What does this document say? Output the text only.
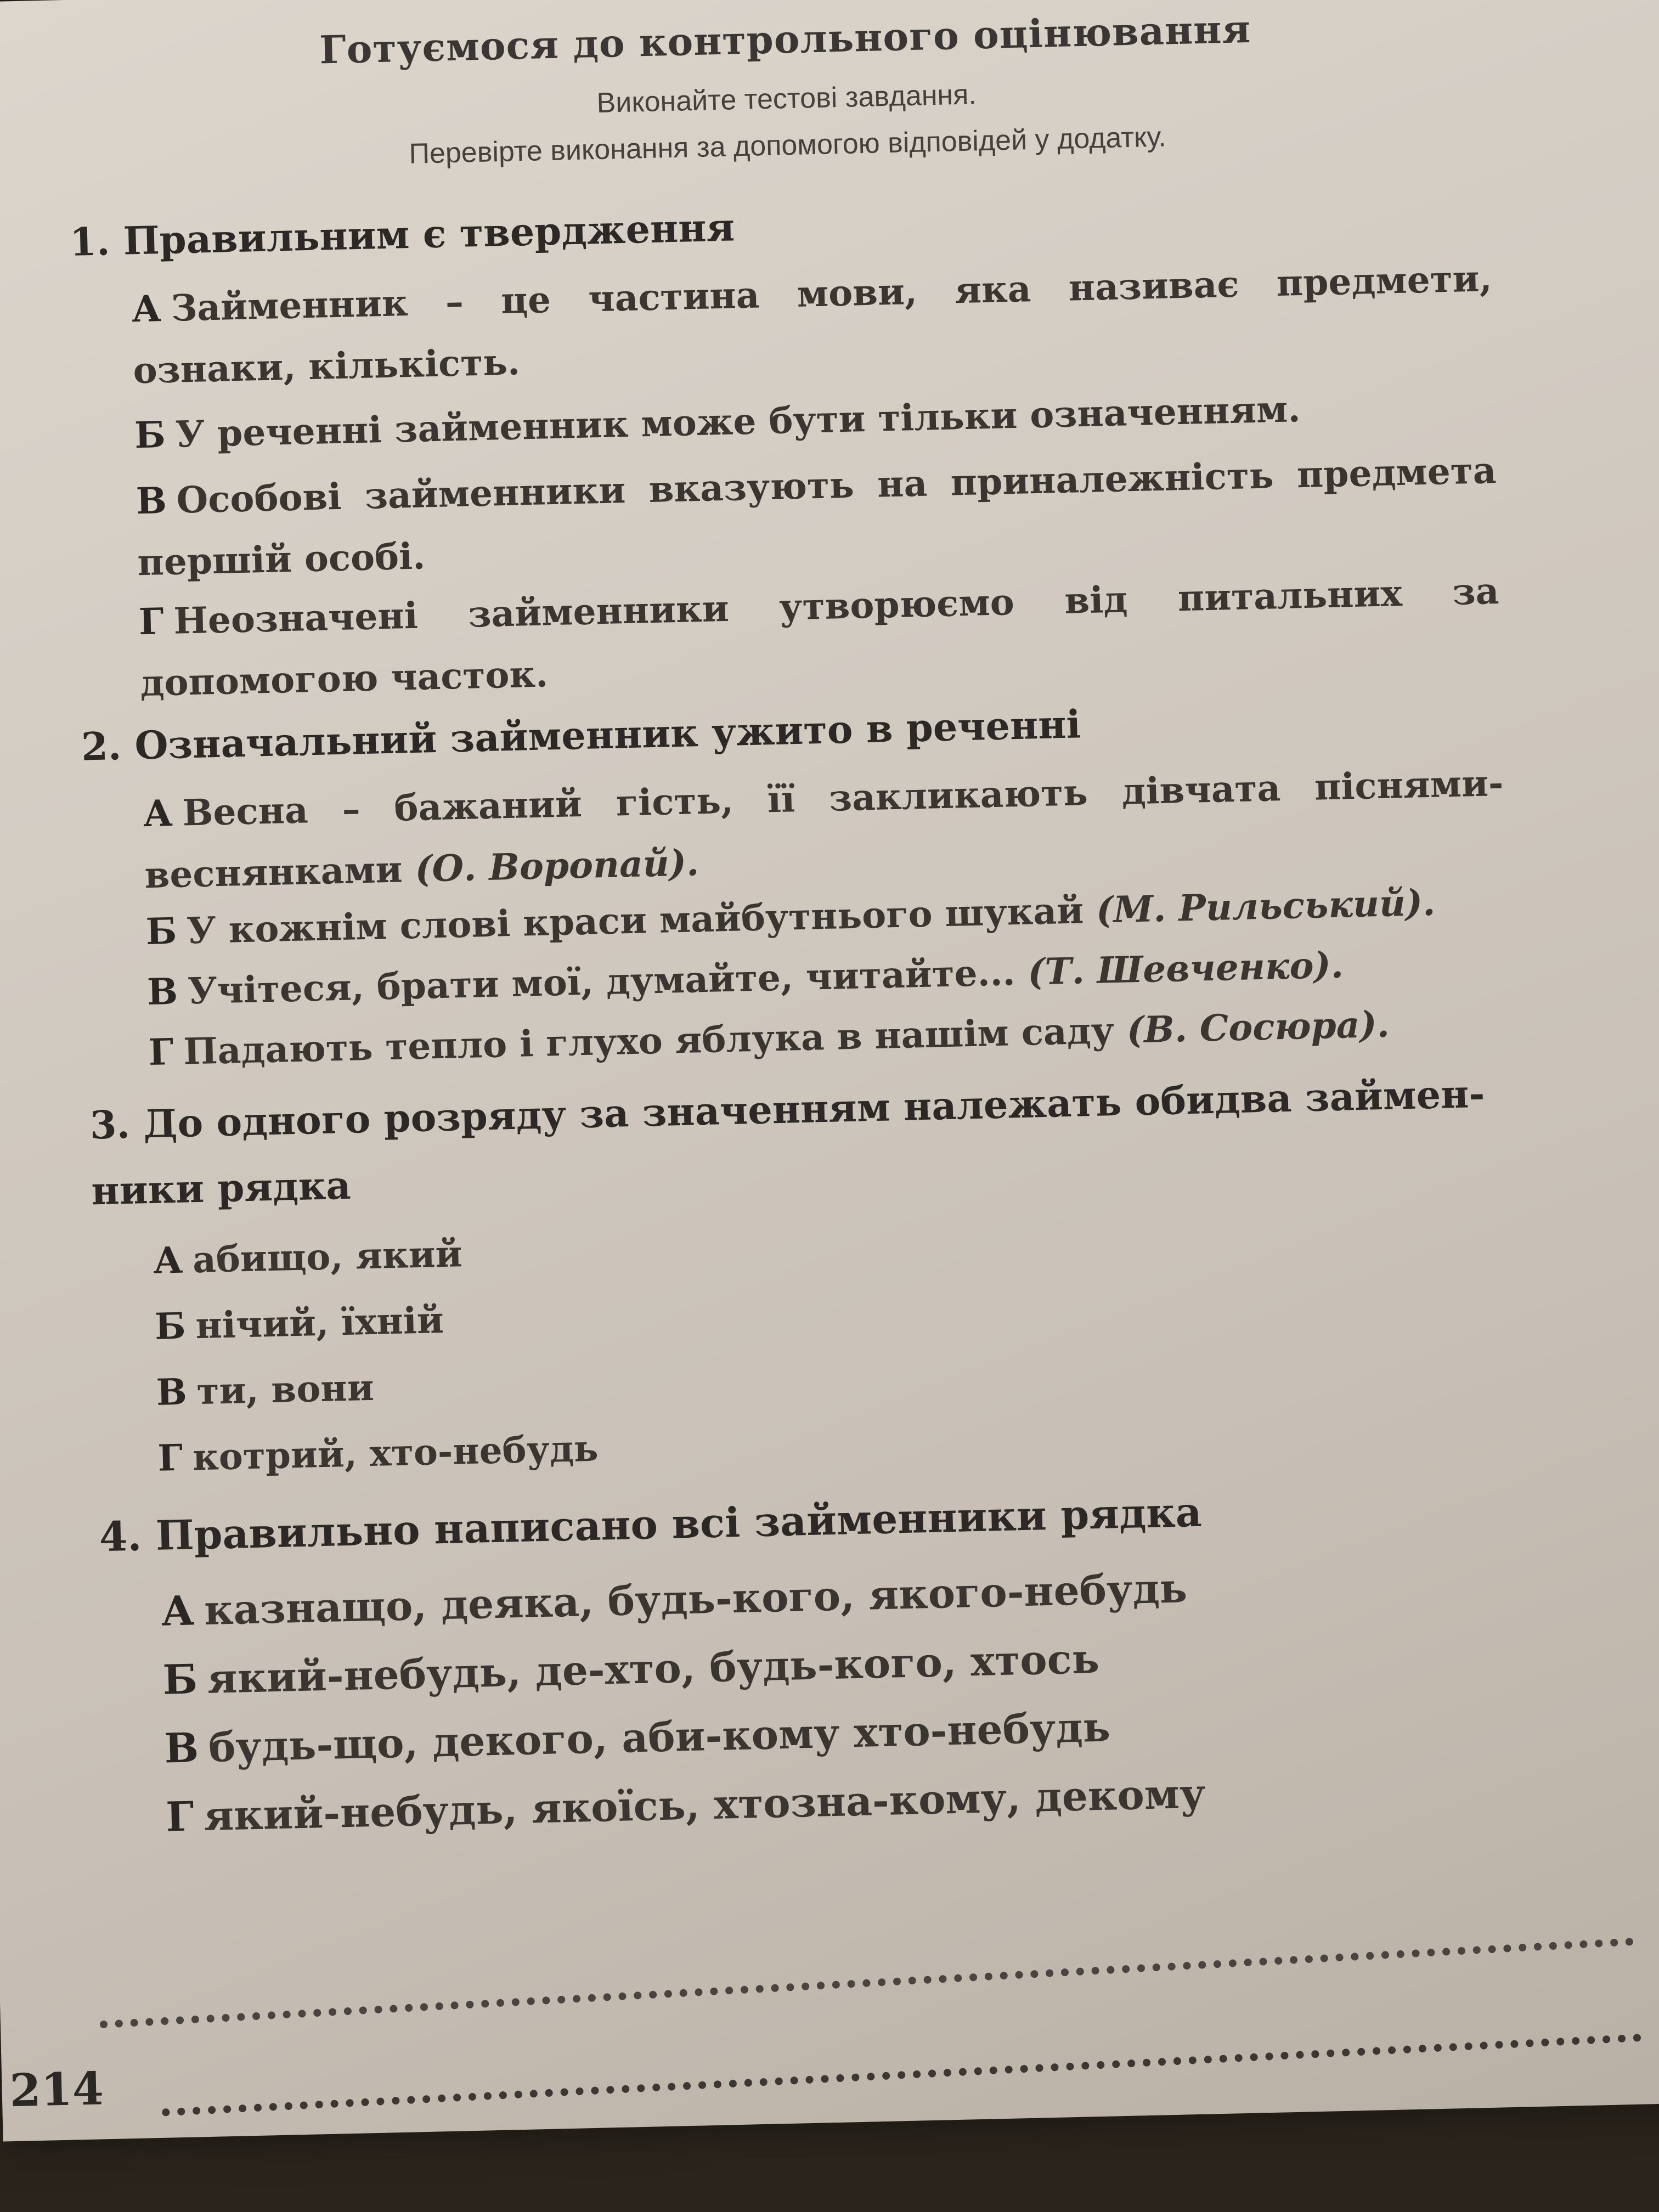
Готуємося до контрольного оцінювання
Виконайте тестові завдання.
Перевірте виконання за допомогою відповідей у додатку.
1. Правильним є твердження
А Займенник – це частина мови, яка називає предмети, ознаки, кількість.
Б У реченні займенник може бути тільки означенням.
В Особові займенники вказують на приналежність предмета першій особі.
Г Неозначені займенники утворюємо від питальних за допомогою часток.
2. Означальний займенник ужито в реченні
А Весна – бажаний гість, її закликають дівчата піснями-веснянками (О. Воропай).
Б У кожнім слові краси майбутнього шукай (М. Рильський).
В Учітеся, брати мої, думайте, читайте... (Т. Шевченко).
Г Падають тепло і глухо яблука в нашім саду (В. Сосюра).
3. До одного розряду за значенням належать обидва займен-
ники рядка
А абищо, який
Б нічий, їхній
В ти, вони
Г котрий, хто-небудь
4. Правильно написано всі займенники рядка
А казнащо, деяка, будь-кого, якого-небудь
Б який-небудь, де-хто, будь-кого, хтось
В будь-що, декого, аби-кому хто-небудь
Г який-небудь, якоїсь, хтозна-кому, декому
214
